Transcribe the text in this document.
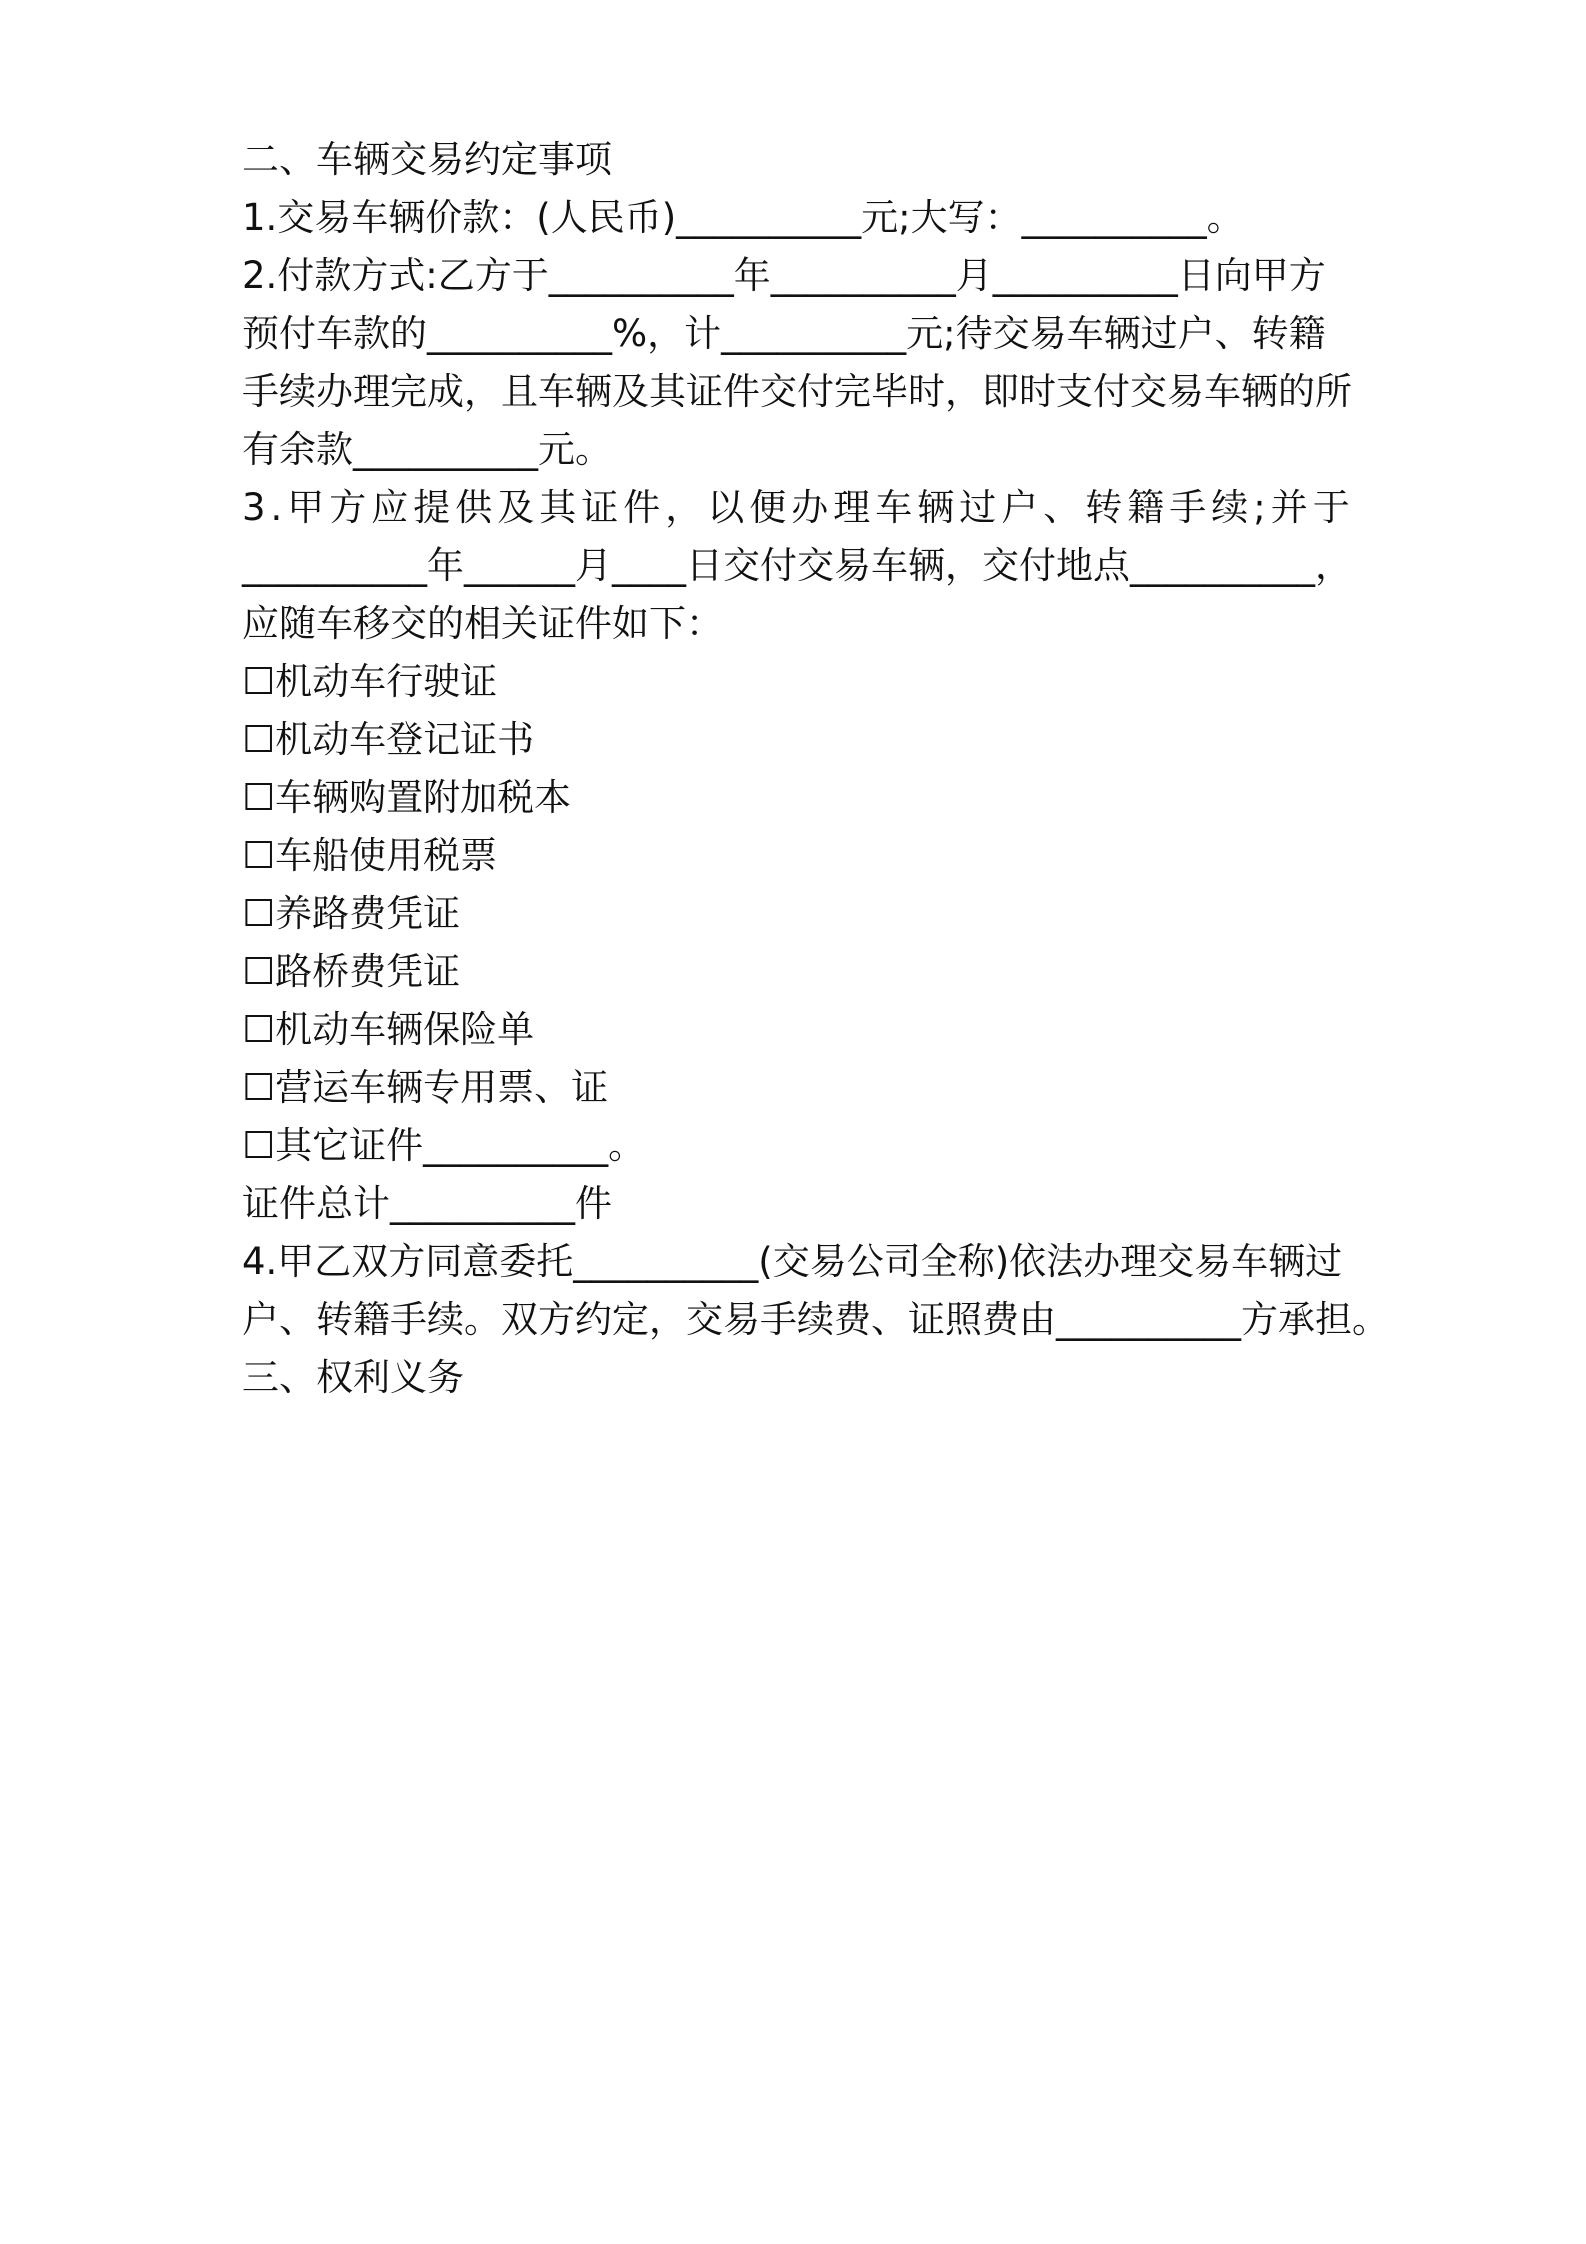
二、车辆交易约定事项
1.交易车辆价款：(人民币)__________元;大写：__________。
2.付款方式:乙方于__________年__________月__________日向甲方
预付车款的__________%，计__________元;待交易车辆过户、转籍
手续办理完成，且车辆及其证件交付完毕时，即时支付交易车辆的所
有余款__________元。
3.甲方应提供及其证件，以便办理车辆过户、转籍手续;并于
__________年______月____日交付交易车辆，交付地点__________，
应随车移交的相关证件如下：
☐机动车行驶证
☐机动车登记证书
☐车辆购置附加税本
☐车船使用税票
☐养路费凭证
☐路桥费凭证
☐机动车辆保险单
☐营运车辆专用票、证
☐其它证件__________。
证件总计__________件
4.甲乙双方同意委托__________(交易公司全称)依法办理交易车辆过
户、转籍手续。双方约定，交易手续费、证照费由__________方承担。
三、权利义务
